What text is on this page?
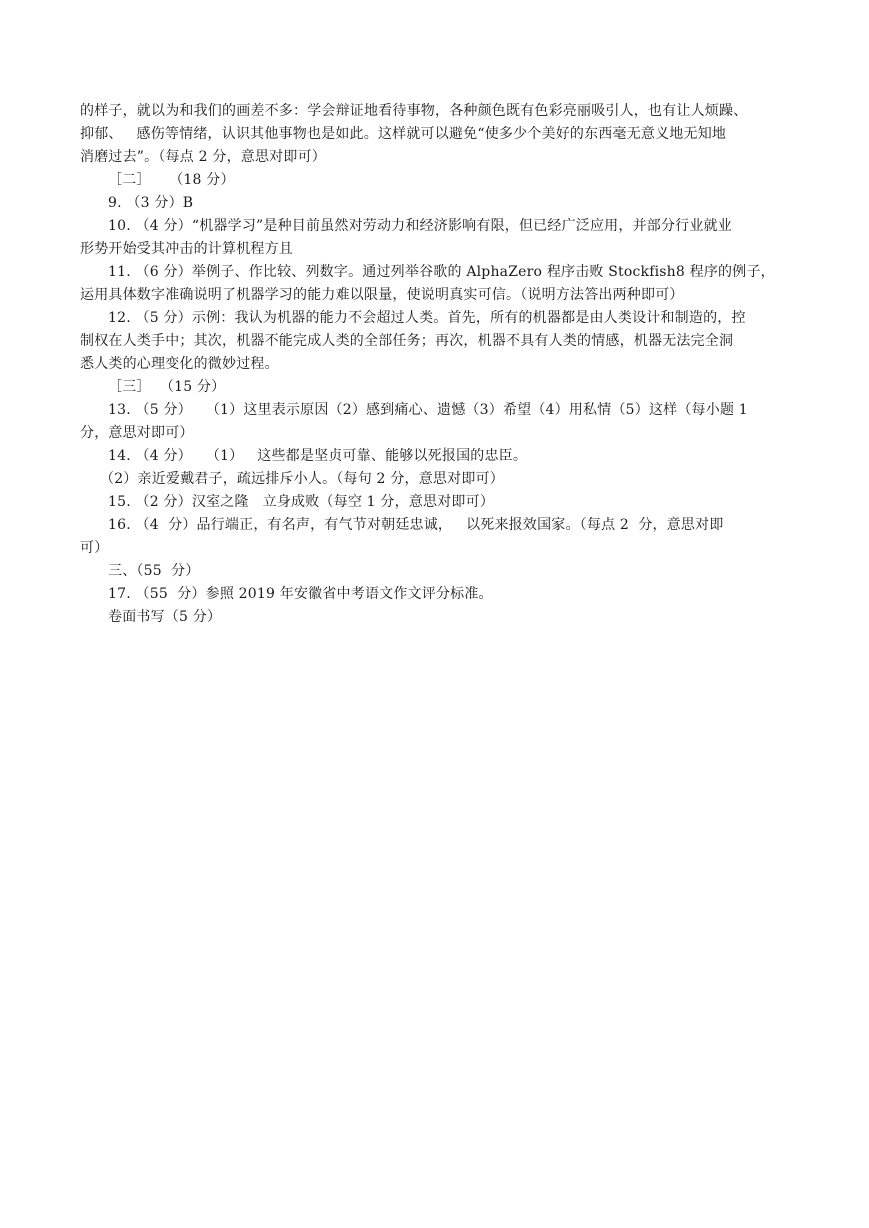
的样子，就以为和我们的画差不多：学会辩证地看待事物，各种颜色既有色彩亮丽吸引人，也有让人烦躁、
抑郁、   感伤等情绪，认识其他事物也是如此。这样就可以避免“使多少个美好的东西毫无意义地无知地
消磨过去”。（每点 2 分，意思对即可）
［二］    （18 分）
9. （3 分）B
10. （4 分）“机器学习”是种目前虽然对劳动力和经济影响有限，但已经广泛应用，并部分行业就业
形势开始受其冲击的计算机程方且
11. （6 分）举例子、作比较、列数字。通过列举谷歌的 AlphaZero 程序击败 Stockfish8 程序的例子，
运用具体数字准确说明了机器学习的能力难以限量，使说明真实可信。（说明方法答出两种即可）
12. （5 分）示例：我认为机器的能力不会超过人类。首先，所有的机器都是由人类设计和制造的，控
制权在人类手中；其次，机器不能完成人类的全部任务；再次，机器不具有人类的情感，机器无法完全洞
悉人类的心理变化的微妙过程。
［三］  （15 分）
13. （5 分）   （1）这里表示原因（2）感到痛心、遗憾（3）希望（4）用私情（5）这样（每小题 1
分，意思对即可）
14. （4 分）   （1）   这些都是坚贞可靠、能够以死报国的忠臣。
（2）亲近爱戴君子，疏远排斥小人。（每句 2 分，意思对即可）
15. （2 分）汉室之隆   立身成败（每空 1 分，意思对即可）
16. （4  分）品行端正，有名声，有气节对朝廷忠诚，   以死来报效国家。（每点 2  分，意思对即
可）
三、（55  分）
17. （55  分）参照 2019 年安徽省中考语文作文评分标准。
卷面书写（5 分）
